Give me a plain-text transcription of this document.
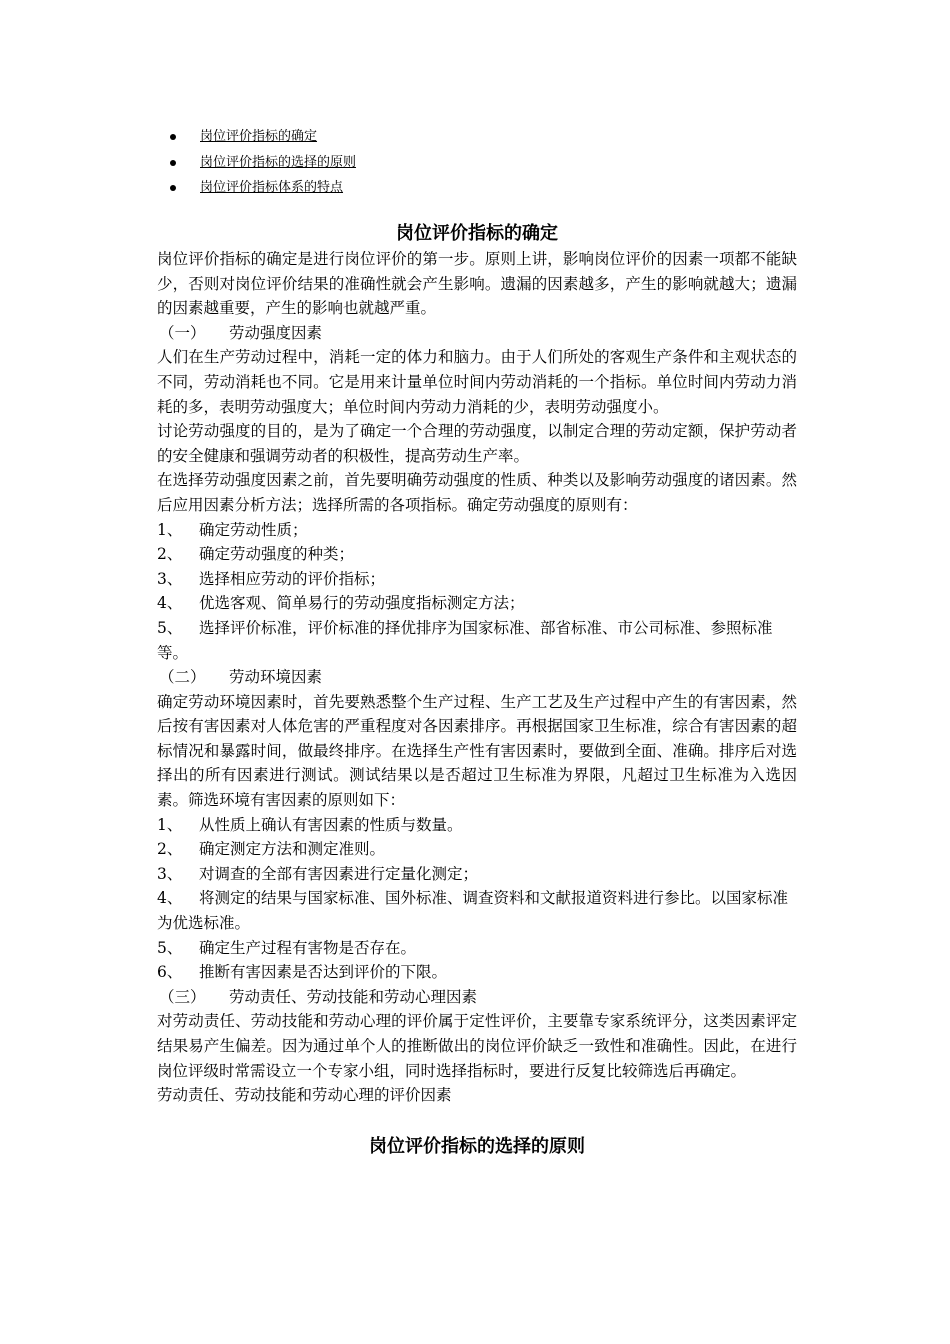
岗位评价指标的确定
岗位评价指标的选择的原则
岗位评价指标体系的特点
岗位评价指标的确定

岗位评价指标的确定是进行岗位评价的第一步。原则上讲，影响岗位评价的因素一项都不能缺少，否则对岗位评价结果的准确性就会产生影响。遗漏的因素越多，产生的影响就越大；遗漏的因素越重要，产生的影响也就越严重。

（一） 劳动强度因素

人们在生产劳动过程中，消耗一定的体力和脑力。由于人们所处的客观生产条件和主观状态的不同，劳动消耗也不同。它是用来计量单位时间内劳动消耗的一个指标。单位时间内劳动力消耗的多，表明劳动强度大；单位时间内劳动力消耗的少，表明劳动强度小。

讨论劳动强度的目的，是为了确定一个合理的劳动强度，以制定合理的劳动定额，保护劳动者的安全健康和强调劳动者的积极性，提高劳动生产率。

在选择劳动强度因素之前，首先要明确劳动强度的性质、种类以及影响劳动强度的诸因素。然后应用因素分析方法；选择所需的各项指标。确定劳动强度的原则有：

1、 确定劳动性质；

2、 确定劳动强度的种类；

3、 选择相应劳动的评价指标；

4、 优选客观、简单易行的劳动强度指标测定方法；

5、 选择评价标准，评价标准的择优排序为国家标准、部省标准、市公司标准、参照标准等。

（二） 劳动环境因素

确定劳动环境因素时，首先要熟悉整个生产过程、生产工艺及生产过程中产生的有害因素，然后按有害因素对人体危害的严重程度对各因素排序。再根据国家卫生标准，综合有害因素的超标情况和暴露时间，做最终排序。在选择生产性有害因素时，要做到全面、准确。排序后对选择出的所有因素进行测试。测试结果以是否超过卫生标准为界限，凡超过卫生标准为入选因素。筛选环境有害因素的原则如下：

1、 从性质上确认有害因素的性质与数量。

2、 确定测定方法和测定准则。

3、 对调查的全部有害因素进行定量化测定；

4、 将测定的结果与国家标准、国外标准、调查资料和文献报道资料进行参比。以国家标准为优选标准。

5、 确定生产过程有害物是否存在。

6、 推断有害因素是否达到评价的下限。

（三） 劳动责任、劳动技能和劳动心理因素

对劳动责任、劳动技能和劳动心理的评价属于定性评价，主要靠专家系统评分，这类因素评定结果易产生偏差。因为通过单个人的推断做出的岗位评价缺乏一致性和准确性。因此，在进行岗位评级时常需设立一个专家小组，同时选择指标时，要进行反复比较筛选后再确定。

劳动责任、劳动技能和劳动心理的评价因素

岗位评价指标的选择的原则
